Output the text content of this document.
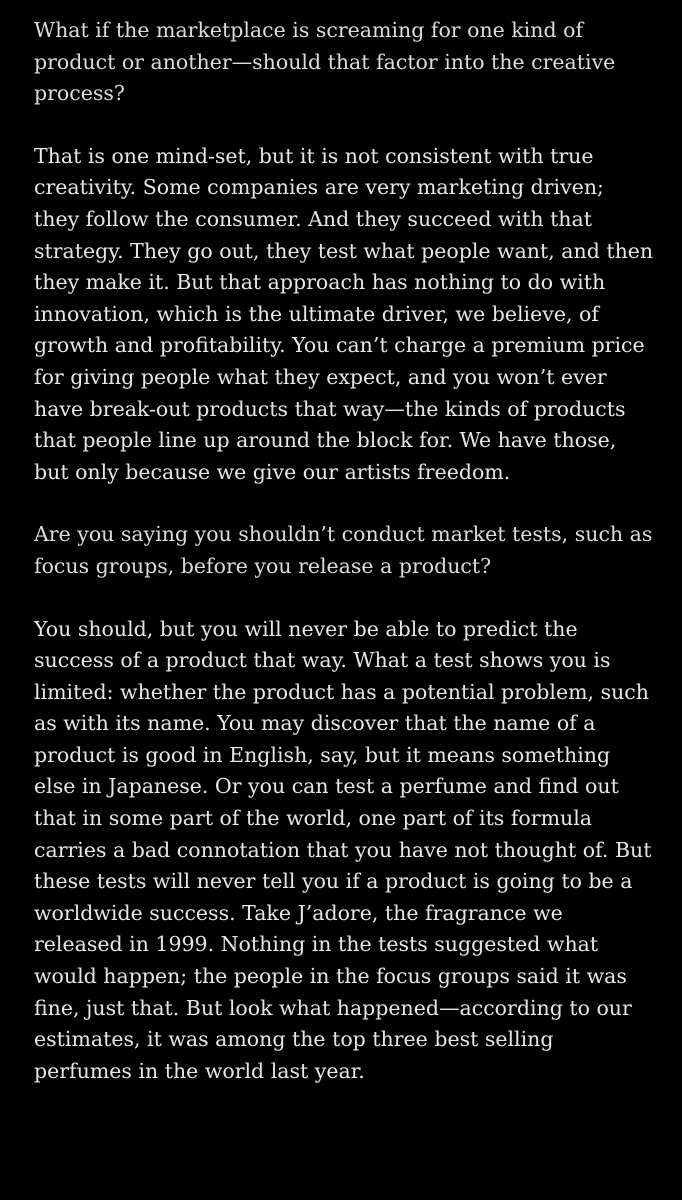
What if the marketplace is screaming for one kind of product or another—should that factor into the creative process?

That is one mind-set, but it is not consistent with true creativity. Some companies are very marketing driven; they follow the consumer. And they succeed with that strategy. They go out, they test what people want, and then they make it. But that approach has nothing to do with innovation, which is the ultimate driver, we believe, of growth and profitability. You can’t charge a premium price for giving people what they expect, and you won’t ever have break-out products that way—the kinds of products that people line up around the block for. We have those, but only because we give our artists freedom.

Are you saying you shouldn’t conduct market tests, such as focus groups, before you release a product?

You should, but you will never be able to predict the success of a product that way. What a test shows you is limited: whether the product has a potential problem, such as with its name. You may discover that the name of a product is good in English, say, but it means something else in Japanese. Or you can test a perfume and find out that in some part of the world, one part of its formula carries a bad connotation that you have not thought of. But these tests will never tell you if a product is going to be a worldwide success. Take J’adore, the fragrance we released in 1999. Nothing in the tests suggested what would happen; the people in the focus groups said it was fine, just that. But look what happened—according to our estimates, it was among the top three best selling perfumes in the world last year.
